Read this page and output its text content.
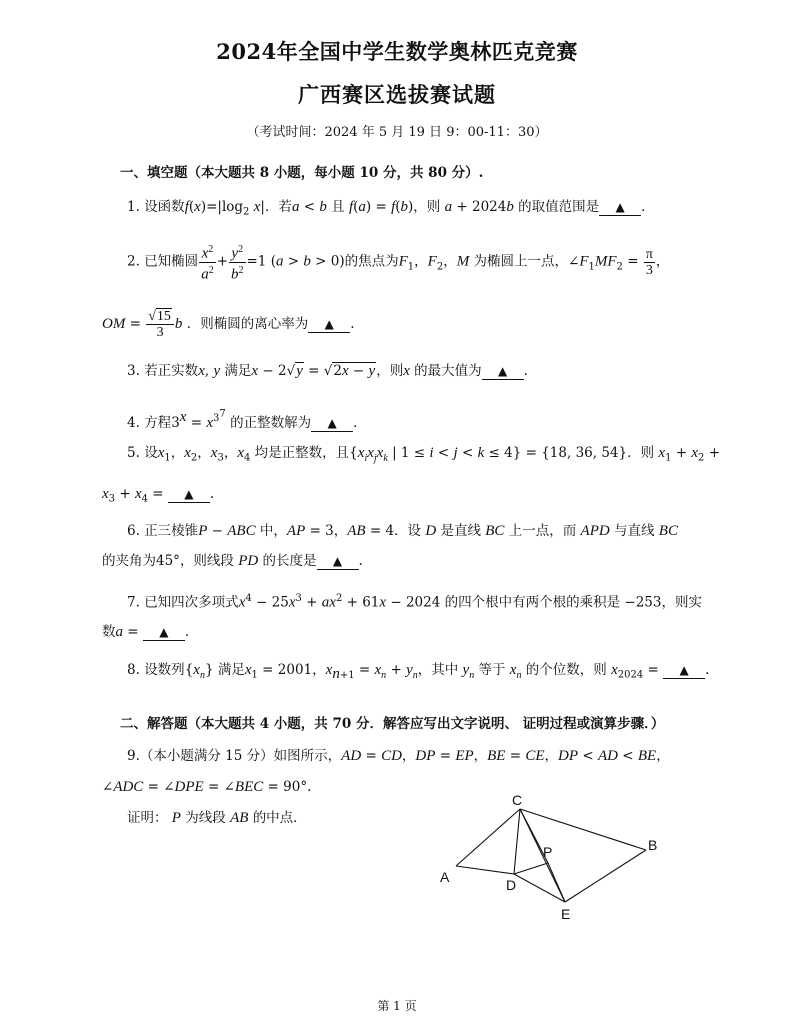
2024年全国中学生数学奥林匹克竞赛
广西赛区选拔赛试题
（考试时间：2024 年 5 月 19 日 9：00-11：30）
一、填空题（本大题共 8 小题，每小题 10 分，共 80 分）.
1. 设函数$f(x)=|\log_2$ x|．若a < b 且 f(a) = f(b)，则 a + 2024b 的取值范围是 ▲ .
2. 已知椭圆 $\frac{x^2}{a^2} + \frac{y^2}{b^2} =1$ (a > b > 0)的焦点为$F_1$，$F_2$，M 为椭圆上一点，$\angle F_1MF_2 = \frac{\pi}{3}$ ，
OM = $\frac{√15}{3}$ b ．则椭圆的离心率为 ▲ .
3. 若正实数x, y 满足x − 2√y = √2x − y，则x 的最大值为 ▲ .
4. 方程$3^x = x^{3^7}$ 的正整数解为 ▲ .
5. 设$x_1$，$x_2$，$x_3$，$x_4$ 均是正整数，且{$x_ix_jx_k$ | 1 ≤ i < j < k ≤ 4} = {18, 36, 54}．则 $x_1 + x_2$ +
$x_3 + x_4$ = ▲ .
6. 正三棱锥P − ABC 中，AP = 3，AB = 4．设 D 是直线 BC 上一点，而 APD 与直线 BC
的夹角为45°，则线段 PD 的长度是 ▲ .
7. 已知四次多项式$x^4 - 25x^3 + ax^2 + 61x - 2024$ 的四个根中有两个根的乘积是 −253，则实
数a = ▲ .
8. 设数列$\{x_n\}$ 满足$x_1 = 2001$，$x_{n+1} = x_n + y_n$，其中 $y_n$ 等于 $x_n$ 的个位数，则 $x_{2024}$ = ▲ .
二、解答题（本大题共 4 小题，共 70 分．解答应写出文字说明、 证明过程或演算步骤．）
9.（本小题满分 15 分）如图所示，AD = CD，DP = EP，BE = CE，DP < AD < BE，
∠ADC = ∠DPE = ∠BEC = 90°.
证明： P 为线段 AB 的中点．
A
B
C
D
E
P
第 1 页
